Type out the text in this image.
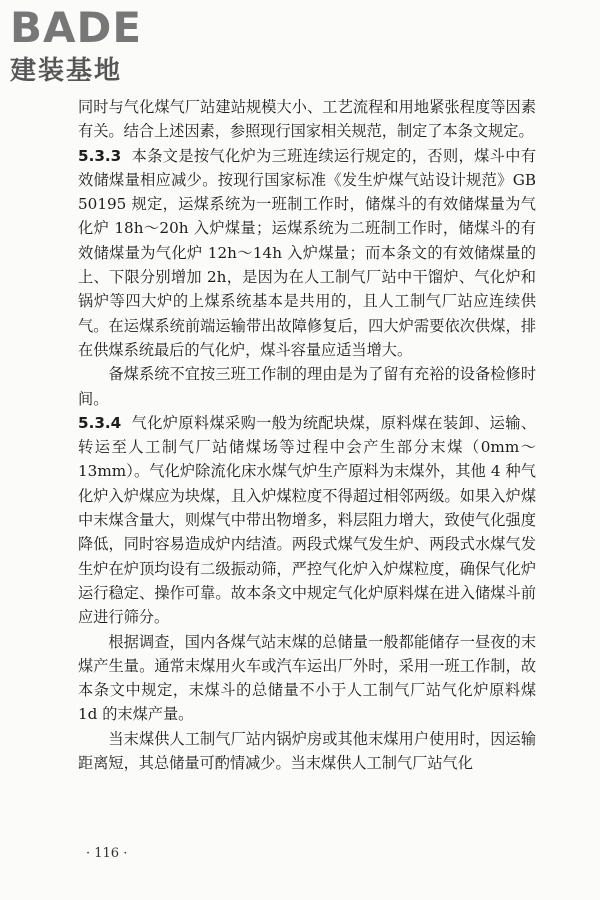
BADE
建装基地

同时与气化煤气厂站建站规模大小、工艺流程和用地紧张程度等因素有关。结合上述因素，参照现行国家相关规范，制定了本条文规定。

5.3.3 本条文是按气化炉为三班连续运行规定的，否则，煤斗中有效储煤量相应减少。按现行国家标准《发生炉煤气站设计规范》GB 50195 规定，运煤系统为一班制工作时，储煤斗的有效储煤量为气化炉 18h～20h 入炉煤量；运煤系统为二班制工作时，储煤斗的有效储煤量为气化炉 12h～14h 入炉煤量；而本条文的有效储煤量的上、下限分别增加 2h，是因为在人工制气厂站中干馏炉、气化炉和锅炉等四大炉的上煤系统基本是共用的，且人工制气厂站应连续供气。在运煤系统前端运输带出故障修复后，四大炉需要依次供煤，排在供煤系统最后的气化炉，煤斗容量应适当增大。

备煤系统不宜按三班工作制的理由是为了留有充裕的设备检修时间。

5.3.4 气化炉原料煤采购一般为统配块煤，原料煤在装卸、运输、转运至人工制气厂站储煤场等过程中会产生部分末煤（0mm～13mm）。气化炉除流化床水煤气炉生产原料为末煤外，其他 4 种气化炉入炉煤应为块煤，且入炉煤粒度不得超过相邻两级。如果入炉煤中末煤含量大，则煤气中带出物增多，料层阻力增大，致使气化强度降低，同时容易造成炉内结渣。两段式煤气发生炉、两段式水煤气发生炉在炉顶均设有二级振动筛，严控气化炉入炉煤粒度，确保气化炉运行稳定、操作可靠。故本条文中规定气化炉原料煤在进入储煤斗前应进行筛分。

根据调查，国内各煤气站末煤的总储量一般都能储存一昼夜的末煤产生量。通常末煤用火车或汽车运出厂外时，采用一班工作制，故本条文中规定，末煤斗的总储量不小于人工制气厂站气化炉原料煤 1d 的末煤产量。

当末煤供人工制气厂站内锅炉房或其他末煤用户使用时，因运输距离短，其总储量可酌情减少。当末煤供人工制气厂站气化

· 116 ·
